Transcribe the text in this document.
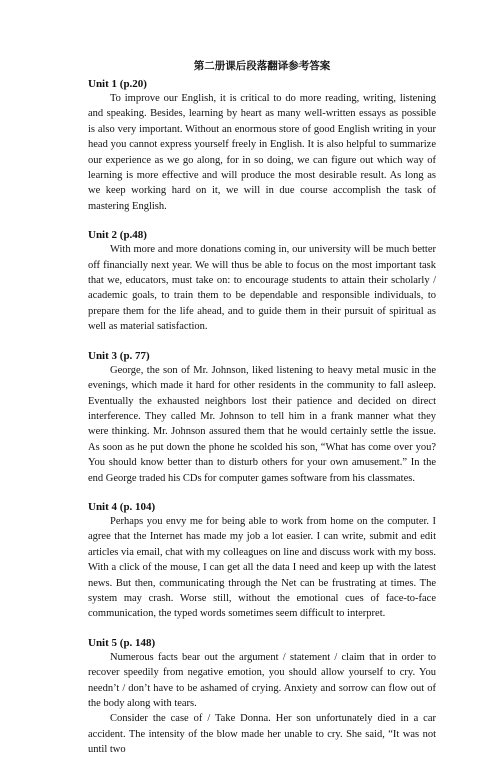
第二册课后段落翻译参考答案
Unit 1 (p.20)

To improve our English, it is critical to do more reading, writing, listening and speaking. Besides, learning by heart as many well-written essays as possible is also very important. Without an enormous store of good English writing in your head you cannot express yourself freely in English. It is also helpful to summarize our experience as we go along, for in so doing, we can figure out which way of learning is more effective and will produce the most desirable result. As long as we keep working hard on it, we will in due course accomplish the task of mastering English.

Unit 2 (p.48)

With more and more donations coming in, our university will be much better off financially next year. We will thus be able to focus on the most important task that we, educators, must take on: to encourage students to attain their scholarly / academic goals, to train them to be dependable and responsible individuals, to prepare them for the life ahead, and to guide them in their pursuit of spiritual as well as material satisfaction.

Unit 3 (p. 77)

George, the son of Mr. Johnson, liked listening to heavy metal music in the evenings, which made it hard for other residents in the community to fall asleep. Eventually the exhausted neighbors lost their patience and decided on direct interference. They called Mr. Johnson to tell him in a frank manner what they were thinking. Mr. Johnson assured them that he would certainly settle the issue. As soon as he put down the phone he scolded his son, “What has come over you? You should know better than to disturb others for your own amusement.” In the end George traded his CDs for computer games software from his classmates.

Unit 4 (p. 104)

Perhaps you envy me for being able to work from home on the computer. I agree that the Internet has made my job a lot easier. I can write, submit and edit articles via email, chat with my colleagues on line and discuss work with my boss. With a click of the mouse, I can get all the data I need and keep up with the latest news. But then, communicating through the Net can be frustrating at times. The system may crash. Worse still, without the emotional cues of face-to-face communication, the typed words sometimes seem difficult to interpret.

Unit 5 (p. 148)

Numerous facts bear out the argument / statement / claim that in order to recover speedily from negative emotion, you should allow yourself to cry. You needn’t / don’t have to be ashamed of crying. Anxiety and sorrow can flow out of the body along with tears.

Consider the case of / Take Donna. Her son unfortunately died in a car accident. The intensity of the blow made her unable to cry. She said, “It was not until two
